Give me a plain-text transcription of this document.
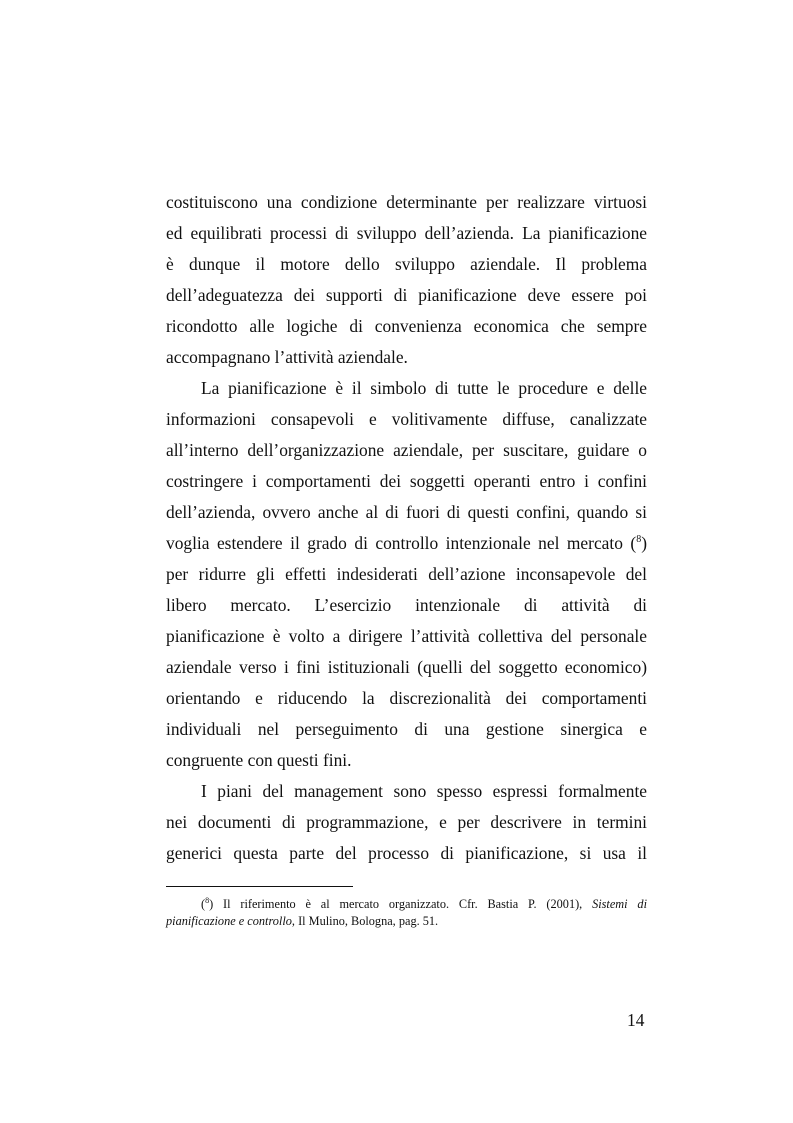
costituiscono una condizione determinante per realizzare virtuosi
ed equilibrati processi di sviluppo dell’azienda. La pianificazione
è dunque il motore dello sviluppo aziendale. Il problema
dell’adeguatezza dei supporti di pianificazione deve essere poi
ricondotto alle logiche di convenienza economica che sempre
accompagnano l’attività aziendale.
La pianificazione è il simbolo di tutte le procedure e delle
informazioni consapevoli e volitivamente diffuse, canalizzate
all’interno dell’organizzazione aziendale, per suscitare, guidare o
costringere i comportamenti dei soggetti operanti entro i confini
dell’azienda, ovvero anche al di fuori di questi confini, quando si
voglia estendere il grado di controllo intenzionale nel mercato ($^8$)
per ridurre gli effetti indesiderati dell’azione inconsapevole del
libero mercato. L’esercizio intenzionale di attività di
pianificazione è volto a dirigere l’attività collettiva del personale
aziendale verso i fini istituzionali (quelli del soggetto economico)
orientando e riducendo la discrezionalità dei comportamenti
individuali nel perseguimento di una gestione sinergica e
congruente con questi fini.
I piani del management sono spesso espressi formalmente
nei documenti di programmazione, e per descrivere in termini
generici questa parte del processo di pianificazione, si usa il
($^8$) Il riferimento è al mercato organizzato. Cfr. Bastia P. (2001), Sistemi di
pianificazione e controllo, Il Mulino, Bologna, pag. 51.
14
